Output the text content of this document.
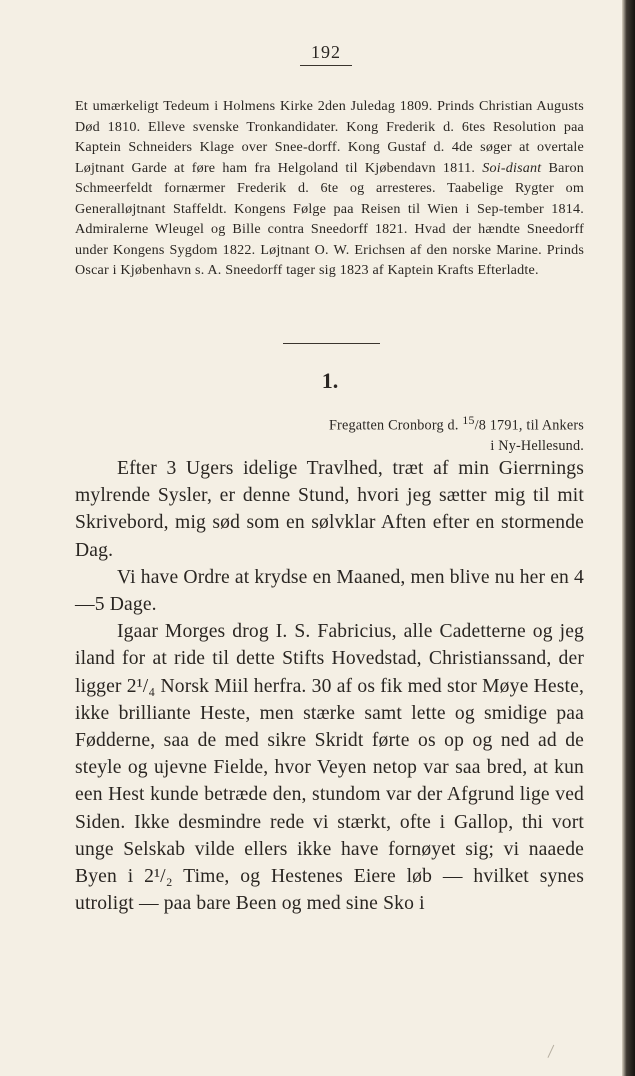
192

Et umærkeligt Tedeum i Holmens Kirke 2den Juledag 1809. Prinds Christian Augusts Død 1810. Elleve svenske Tronkandidater. Kong Frederik d. 6tes Resolution paa Kaptein Schneiders Klage over Snee-dorff. Kong Gustaf d. 4de søger at overtale Løjtnant Garde at føre ham fra Helgoland til Kjøbendavn 1811. Soi-disant Baron Schmeerfeldt fornærmer Frederik d. 6te og arresteres. Taabelige Rygter om Generalløjtnant Staffeldt. Kongens Følge paa Reisen til Wien i Sep-tember 1814. Admiralerne Wleugel og Bille contra Sneedorff 1821. Hvad der hændte Sneedorff under Kongens Sygdom 1822. Løjtnant O. W. Erichsen af den norske Marine. Prinds Oscar i Kjøbenhavn s. A. Sneedorff tager sig 1823 af Kaptein Krafts Efterladte.

1.

Fregatten Cronborg d. $^{15}$/8 1791, til Ankers
i Ny-Hellesund.

Efter 3 Ugers idelige Travlhed, træt af min Gierrnings mylrende Sysler, er denne Stund, hvori jeg sætter mig til mit Skrivebord, mig sød som en sølvklar Aften efter en stormende Dag.

Vi have Ordre at krydse en Maaned, men blive nu her en 4—5 Dage.

Igaar Morges drog I. S. Fabricius, alle Cadetterne og jeg iland for at ride til dette Stifts Hovedstad, Christianssand, der ligger 2¹/₄ Norsk Miil herfra. 30 af os fik med stor Møye Heste, ikke brilliante Heste, men stærke samt lette og smidige paa Fødderne, saa de med sikre Skridt førte os op og ned ad de steyle og ujevne Fielde, hvor Veyen netop var saa bred, at kun een Hest kunde betræde den, stundom var der Afgrund lige ved Siden. Ikke desmindre rede vi stærkt, ofte i Gallop, thi vort unge Selskab vilde ellers ikke have fornøyet sig; vi naaede Byen i 2¹/₂ Time, og Hestenes Eiere løb — hvilket synes utroligt — paa bare Been og med sine Sko i
